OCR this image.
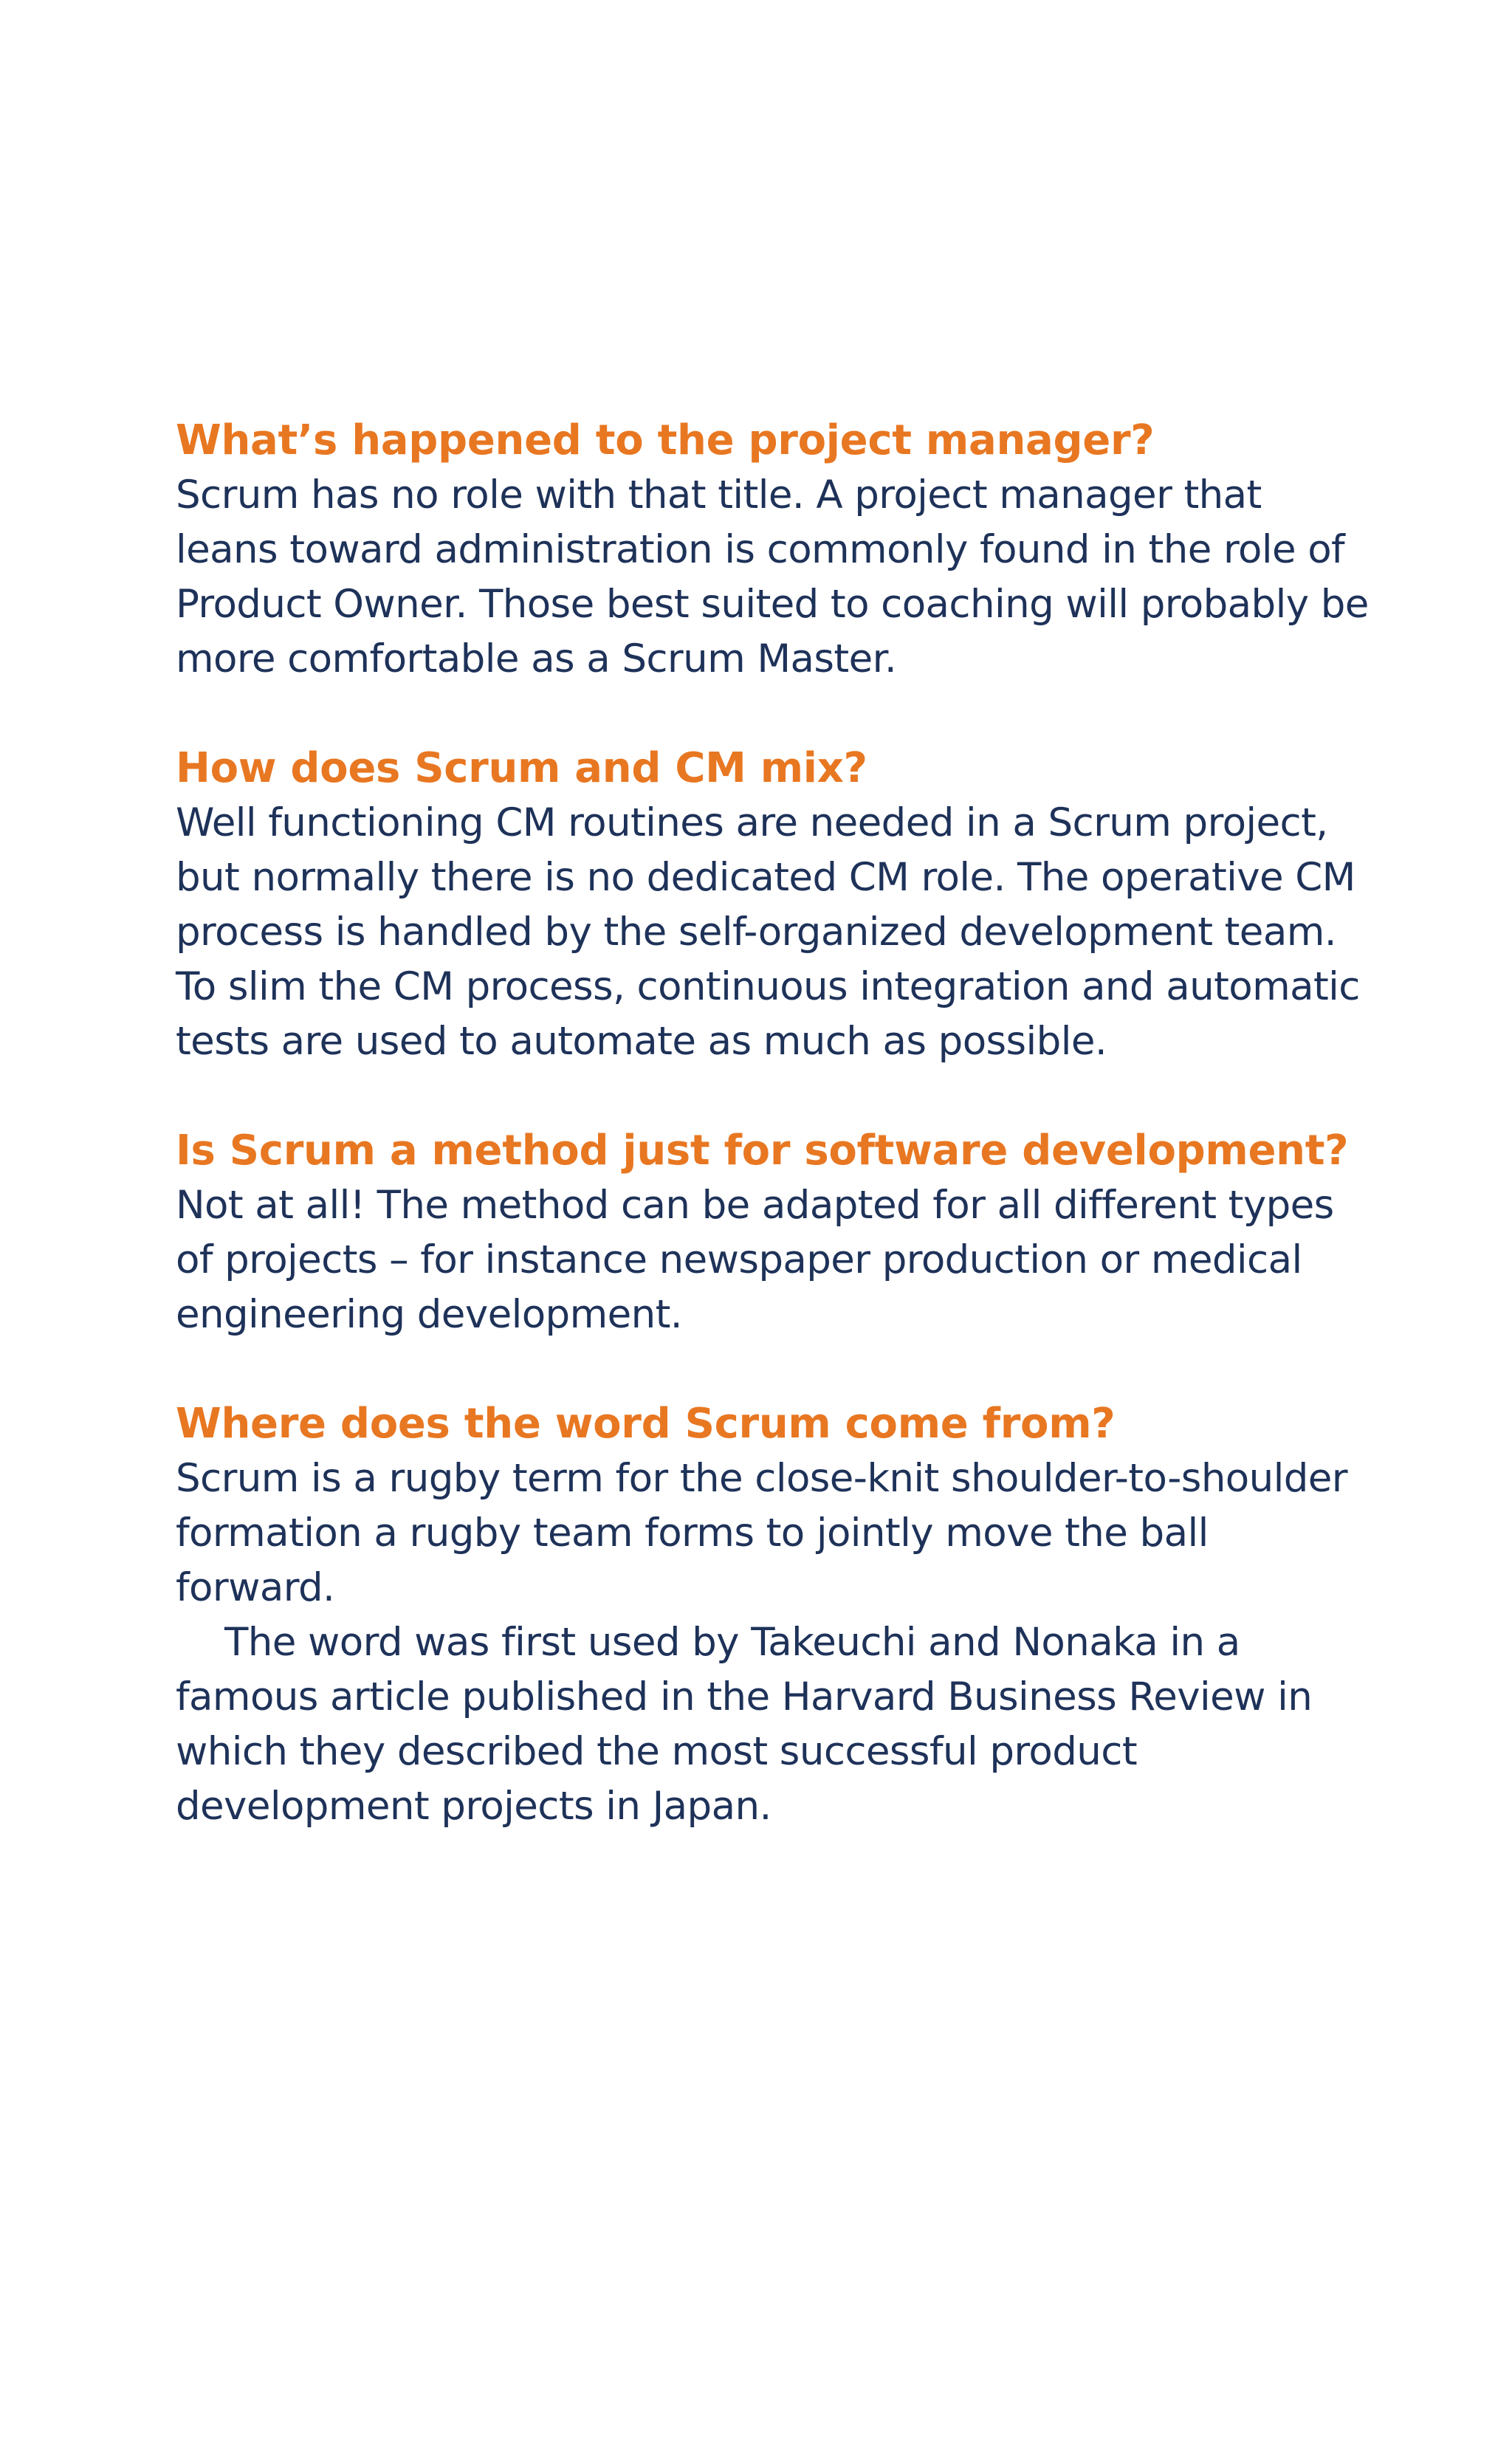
What’s happened to the project manager?

Scrum has no role with that title. A project manager that leans toward administration is commonly found in the role of Product Owner. Those best suited to coaching will probably be more comfortable as a Scrum Master.

How does Scrum and CM mix?

Well functioning CM routines are needed in a Scrum project, but normally there is no dedicated CM role. The operative CM process is handled by the self-organized development team. To slim the CM process, continuous integration and automatic tests are used to automate as much as possible.

Is Scrum a method just for software development?

Not at all! The method can be adapted for all different types of projects – for instance newspaper production or medical engineering development.

Where does the word Scrum come from?

Scrum is a rugby term for the close-knit shoulder-to-shoulder formation a rugby team forms to jointly move the ball forward.

The word was first used by Takeuchi and Nonaka in a famous article published in the Harvard Business Review in which they described the most successful product development projects in Japan.
